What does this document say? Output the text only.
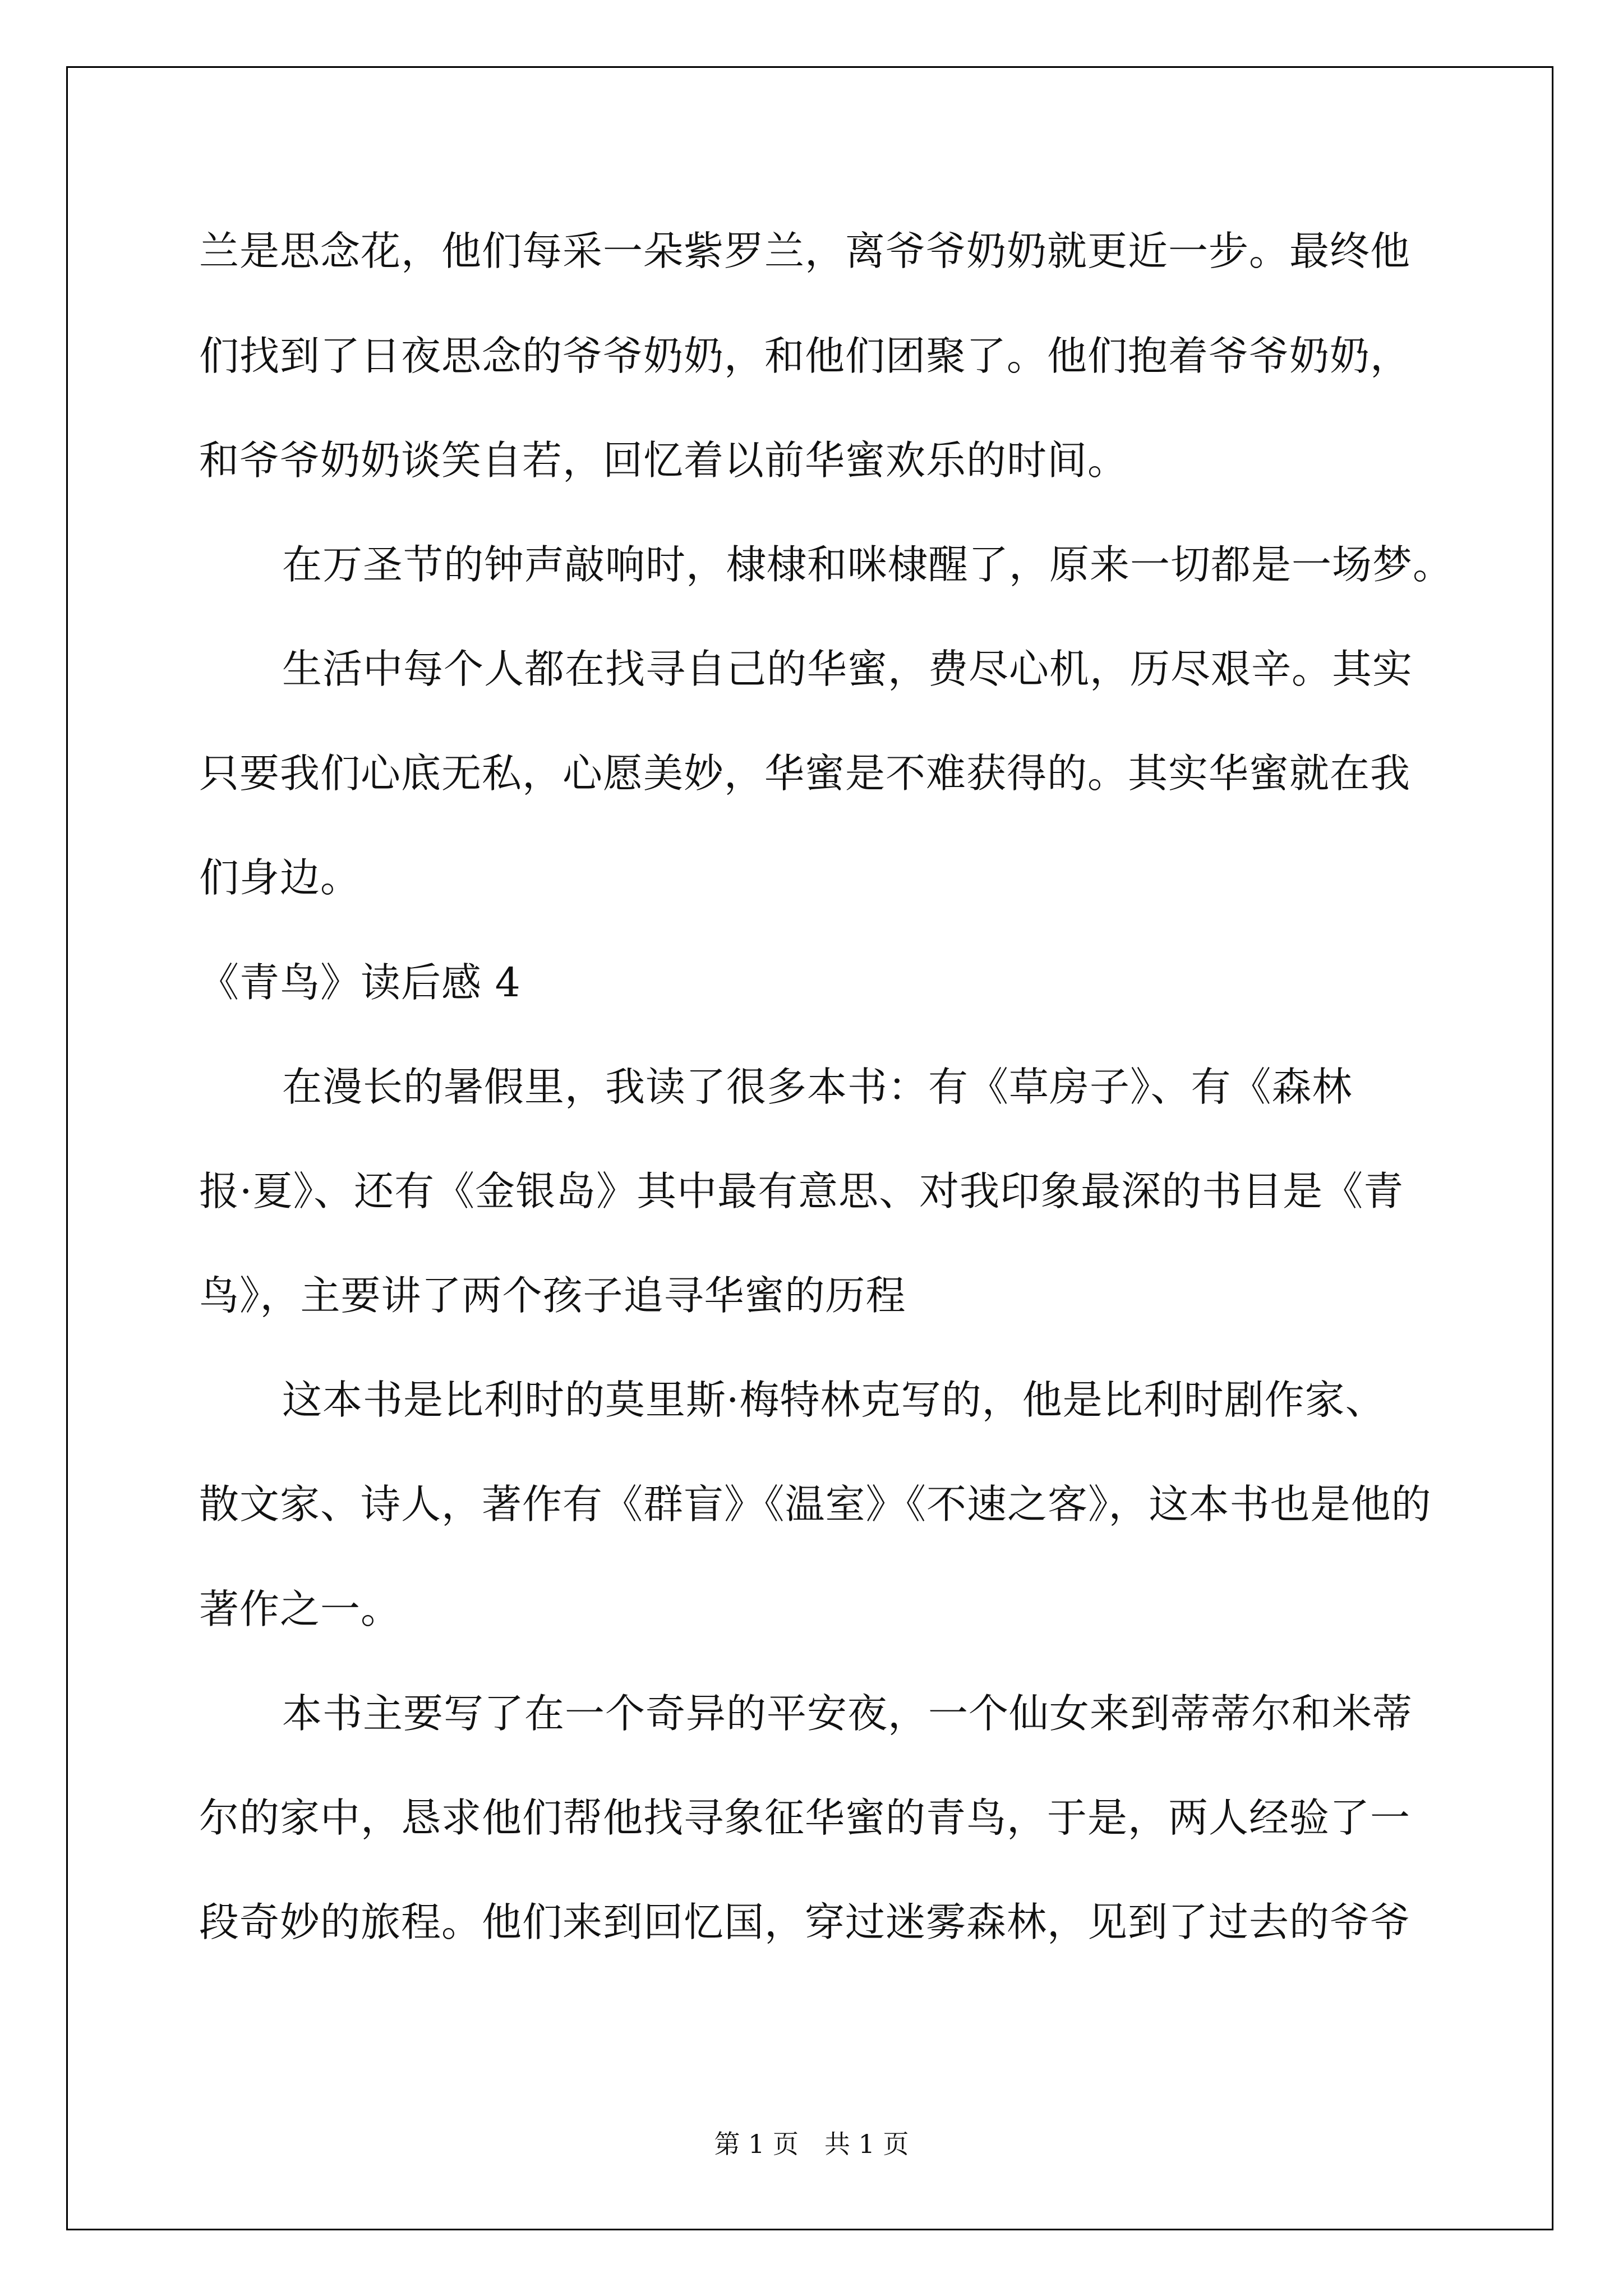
兰是思念花，他们每采一朵紫罗兰，离爷爷奶奶就更近一步。最终他
们找到了日夜思念的爷爷奶奶，和他们团聚了。他们抱着爷爷奶奶，
和爷爷奶奶谈笑自若，回忆着以前华蜜欢乐的时间。
在万圣节的钟声敲响时，棣棣和咪棣醒了，原来一切都是一场梦。
生活中每个人都在找寻自己的华蜜，费尽心机，历尽艰辛。其实
只要我们心底无私，心愿美妙，华蜜是不难获得的。其实华蜜就在我
们身边。
《青鸟》读后感 4
在漫长的暑假里，我读了很多本书：有《草房子》、有《森林
报·夏》、还有《金银岛》其中最有意思、对我印象最深的书目是《青
鸟》，主要讲了两个孩子追寻华蜜的历程
这本书是比利时的莫里斯·梅特林克写的，他是比利时剧作家、
散文家、诗人，著作有《群盲》《温室》《不速之客》，这本书也是他的
著作之一。
本书主要写了在一个奇异的平安夜，一个仙女来到蒂蒂尔和米蒂
尔的家中，恳求他们帮他找寻象征华蜜的青鸟，于是，两人经验了一
段奇妙的旅程。他们来到回忆国，穿过迷雾森林，见到了过去的爷爷
第 1 页　共 1 页
